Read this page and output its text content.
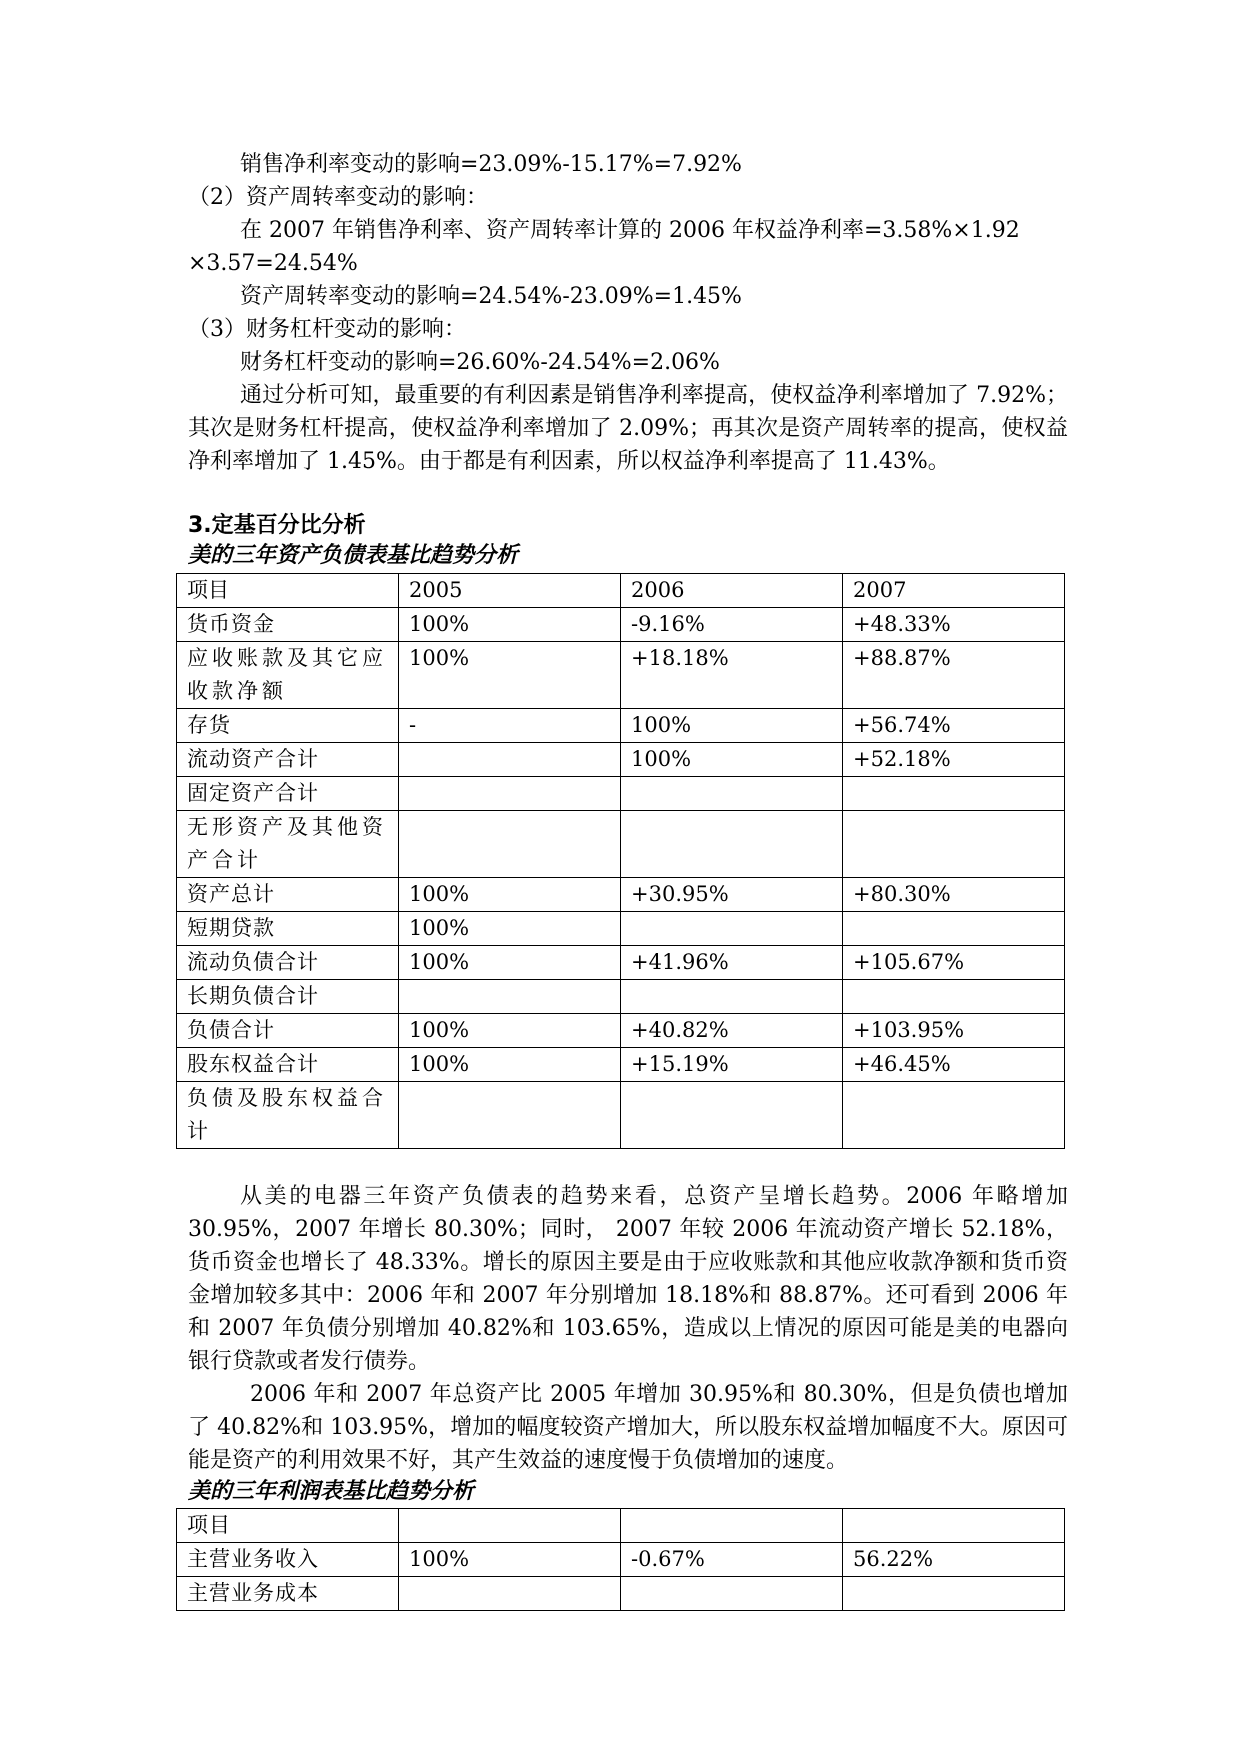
销售净利率变动的影响=23.09%-15.17%=7.92%
（2）资产周转率变动的影响：
在 2007 年销售净利率、资产周转率计算的 2006 年权益净利率=3.58%×1.92
×3.57=24.54%
资产周转率变动的影响=24.54%-23.09%=1.45%
（3）财务杠杆变动的影响：
财务杠杆变动的影响=26.60%-24.54%=2.06%
通过分析可知，最重要的有利因素是销售净利率提高，使权益净利率增加了 7.92%；其次是财务杠杆提高，使权益净利率增加了 2.09%；再其次是资产周转率的提高，使权益净利率增加了 1.45%。由于都是有利因素，所以权益净利率提高了 11.43%。
3.定基百分比分析
美的三年资产负债表基比趋势分析
项目	2005	2006	2007
货币资金	100%	-9.16%	+48.33%
应收账款及其它应收款净额	100%	+18.18%	+88.87%
存货	-	100%	+56.74%
流动资产合计		100%	+52.18%
固定资产合计			
无形资产及其他资产合计			
资产总计	100%	+30.95%	+80.30%
短期贷款	100%		
流动负债合计	100%	+41.96%	+105.67%
长期负债合计			
负债合计	100%	+40.82%	+103.95%
股东权益合计	100%	+15.19%	+46.45%
负债及股东权益合计			
从美的电器三年资产负债表的趋势来看，总资产呈增长趋势。2006 年略增加 30.95%，2007 年增长 80.30%；同时， 2007 年较 2006 年流动资产增长 52.18%，货币资金也增长了 48.33%。增长的原因主要是由于应收账款和其他应收款净额和货币资金增加较多其中：2006 年和 2007 年分别增加 18.18%和 88.87%。还可看到 2006 年和 2007 年负债分别增加 40.82%和 103.65%，造成以上情况的原因可能是美的电器向银行贷款或者发行债券。
2006 年和 2007 年总资产比 2005 年增加 30.95%和 80.30%，但是负债也增加了 40.82%和 103.95%，增加的幅度较资产增加大，所以股东权益增加幅度不大。原因可能是资产的利用效果不好，其产生效益的速度慢于负债增加的速度。
美的三年利润表基比趋势分析
项目			
主营业务收入	100%	-0.67%	56.22%
主营业务成本			
